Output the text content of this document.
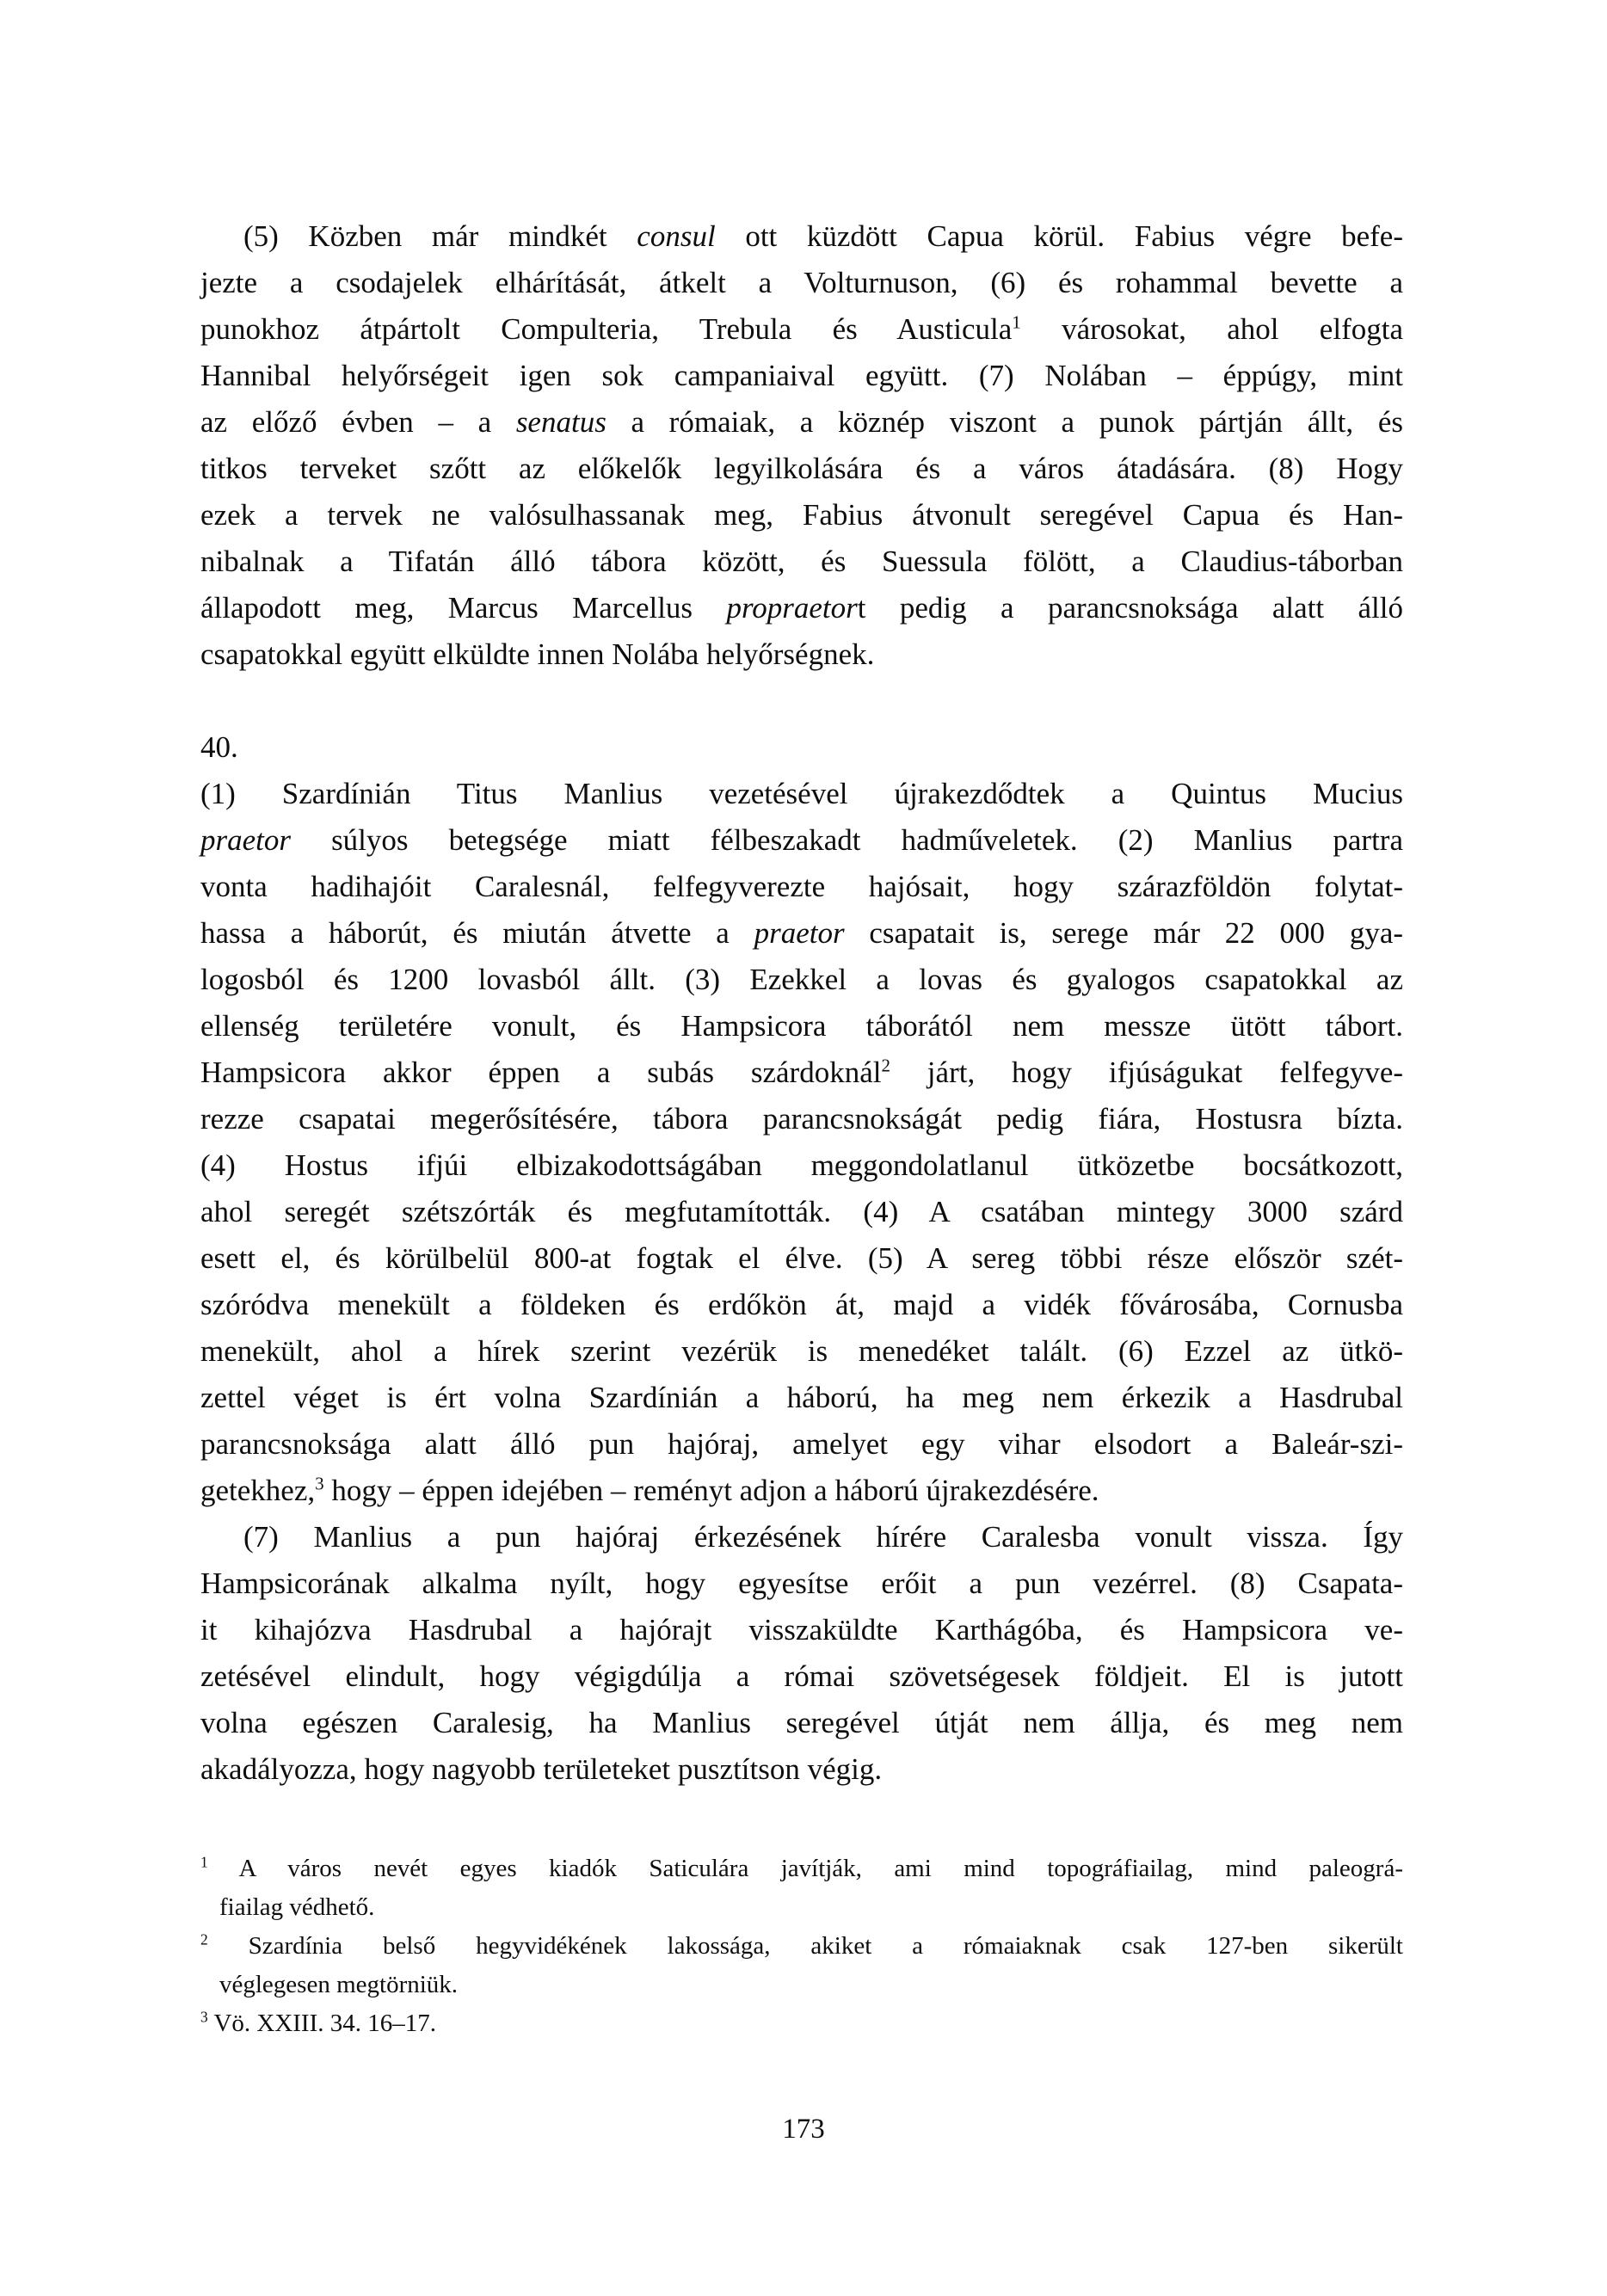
(5) Közben már mindkét consul ott küzdött Capua körül. Fabius végre befe-
jezte a csodajelek elhárítását, átkelt a Volturnuson, (6) és rohammal bevette a
punokhoz átpártolt Compulteria, Trebula és Austicula$^1$ városokat, ahol elfogta
Hannibal helyőrségeit igen sok campaniaival együtt. (7) Nolában – éppúgy, mint
az előző évben – a senatus a rómaiak, a köznép viszont a punok pártján állt, és
titkos terveket szőtt az előkelők legyilkolására és a város átadására. (8) Hogy
ezek a tervek ne valósulhassanak meg, Fabius átvonult seregével Capua és Han-
nibalnak a Tifatán álló tábora között, és Suessula fölött, a Claudius-táborban
állapodott meg, Marcus Marcellus propraetort pedig a parancsnoksága alatt álló
csapatokkal együtt elküldte innen Nolába helyőrségnek.
40.
(1) Szardínián Titus Manlius vezetésével újrakezdődtek a Quintus Mucius
praetor súlyos betegsége miatt félbeszakadt hadműveletek. (2) Manlius partra
vonta hadihajóit Caralesnál, felfegyverezte hajósait, hogy szárazföldön folytat-
hassa a háborút, és miután átvette a praetor csapatait is, serege már 22 000 gya-
logosból és 1200 lovasból állt. (3) Ezekkel a lovas és gyalogos csapatokkal az
ellenség területére vonult, és Hampsicora táborától nem messze ütött tábort.
Hampsicora akkor éppen a subás szárdoknál$^2$ járt, hogy ifjúságukat felfegyve-
rezze csapatai megerősítésére, tábora parancsnokságát pedig fiára, Hostusra bízta.
(4) Hostus ifjúi elbizakodottságában meggondolatlanul ütközetbe bocsátkozott,
ahol seregét szétszórták és megfutamították. (4) A csatában mintegy 3000 szárd
esett el, és körülbelül 800-at fogtak el élve. (5) A sereg többi része először szét-
szóródva menekült a földeken és erdőkön át, majd a vidék fővárosába, Cornusba
menekült, ahol a hírek szerint vezérük is menedéket talált. (6) Ezzel az ütkö-
zettel véget is ért volna Szardínián a háború, ha meg nem érkezik a Hasdrubal
parancsnoksága alatt álló pun hajóraj, amelyet egy vihar elsodort a Baleár-szi-
getekhez,$^3$ hogy – éppen idejében – reményt adjon a háború újrakezdésére.
(7) Manlius a pun hajóraj érkezésének hírére Caralesba vonult vissza. Így
Hampsicorának alkalma nyílt, hogy egyesítse erőit a pun vezérrel. (8) Csapata-
it kihajózva Hasdrubal a hajórajt visszaküldte Karthágóba, és Hampsicora ve-
zetésével elindult, hogy végigdúlja a római szövetségesek földjeit. El is jutott
volna egészen Caralesig, ha Manlius seregével útját nem állja, és meg nem
akadályozza, hogy nagyobb területeket pusztítson végig.
$^1$ A város nevét egyes kiadók Saticulára javítják, ami mind topográfiailag, mind paleográ-
fiailag védhető.
$^2$ Szardínia belső hegyvidékének lakossága, akiket a rómaiaknak csak 127-ben sikerült
véglegesen megtörniük.
$^3$ Vö. XXIII. 34. 16–17.
173
